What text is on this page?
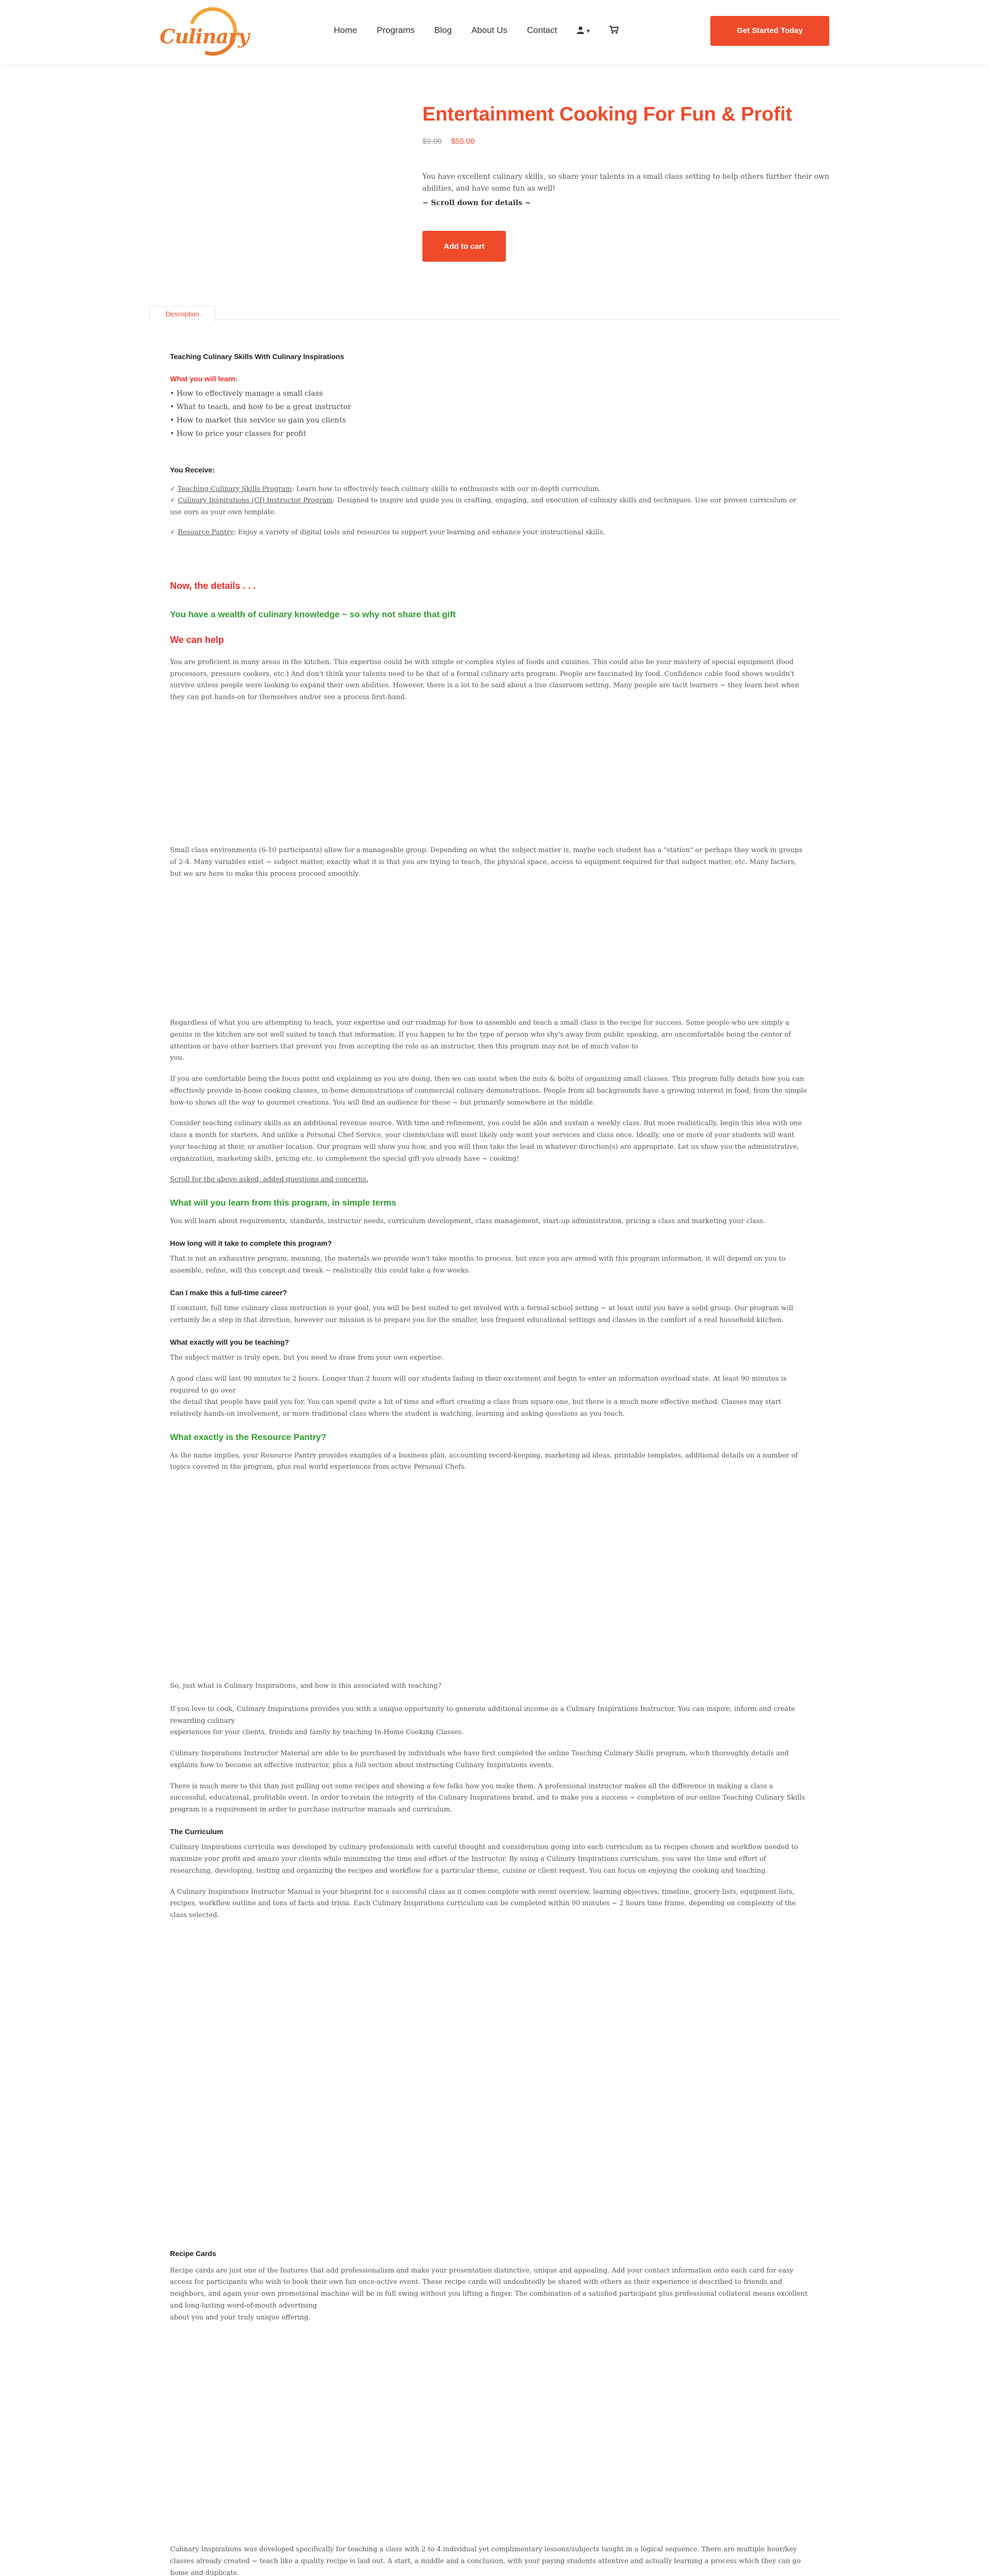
Culinary	Home Programs Blog About Us Contact	▾	Get Started Today
Entertainment Cooking For Fun & Profit
$9.00 $55.00

You have excellent culinary skills, so share your talents in a small class setting to help others further their own abilities, and have some fun as well!

~ Scroll down for details ~
Add to cart
Description

Teaching Culinary Skills With Culinary Inspirations

What you will learn:

• How to effectively manage a small class
• What to teach, and how to be a great instructor
• How to market this service so gain you clients
• How to price your classes for profit

You Receive:

✓ Teaching Culinary Skills Program: Learn how to effectively teach culinary skills to enthusiasts with our in-depth curriculum.

✓ Culinary Inspirations (CI) Instructor Program: Designed to inspire and guide you in crafting, engaging, and execution of culinary skills and techniques. Use our proven curriculum or use ours as your own template.

✓ Resource Pantry: Enjoy a variety of digital tools and resources to support your learning and enhance your instructional skills.

Now, the details . . .

You have a wealth of culinary knowledge ~ so why not share that gift

We can help

You are proficient in many areas in the kitchen. This expertise could be with simple or complex styles of foods and cuisines. This could also be your mastery of special equipment (food processors, pressure cookers, etc.) And don't think your talents need to be that of a formal culinary arts program. People are fascinated by food. Confidence cable food shows wouldn't survive unless people were looking to expand their own abilities. However, there is a lot to be said about a live classroom setting. Many people are tacit learners ~ they learn best when they can put hands-on for themselves and/or see a process first-hand.

Small class environments (6-10 participants) allow for a manageable group. Depending on what the subject matter is, maybe each student has a "station" or perhaps they work in groups of 2-4. Many variables exist ~ subject matter, exactly what it is that you are trying to teach, the physical space, access to equipment required for that subject matter, etc. Many factors, but we are here to make this process proceed smoothly.

Regardless of what you are attempting to teach, your expertise and our roadmap for how to assemble and teach a small class is the recipe for success. Some people who are simply a genius in the kitchen are not well suited to teach that information. If you happen to be the type of person who shy's away from public speaking, are uncomfortable being the center of attention or have other barriers that prevent you from accepting the role as an instructor, then this program may not be of much value to

you.

If you are comfortable being the focus point and explaining as you are doing, then we can assist when the nuts & bolts of organizing small classes. This program fully details how you can effectively provide in-home cooking classes, in-home demonstrations of commercial culinary demonstrations. People from all backgrounds have a growing interest in food, from the simple how-to shows all the way to gourmet creations. You will find an audience for these ~ but primarily somewhere in the middle.

Consider teaching culinary skills as an additional revenue source. With time and refinement, you could be able and sustain a weekly class. But more realistically, begin this idea with one class a month for starters. And unlike a Personal Chef Service, your clients/class will most likely only want your services and class once. Ideally, one or more of your students will want your teaching at their, or another location. Our program will show you how, and you will then take the lead in whatever direction(s) are appropriate. Let us show you the administrative, organization, marketing skills, pricing etc. to complement the special gift you already have ~ cooking!

Scroll for the above asked, added questions and concerns.

What will you learn from this program, in simple terms

You will learn about requirements, standards, instructor needs, curriculum development, class management, start-up administration, pricing a class and marketing your class.

How long will it take to complete this program?

That is not an exhaustive program, meaning, the materials we provide won't take months to process, but once you are armed with this program information, it will depend on you to assemble, refine, will this concept and tweak ~ realistically this could take a few weeks.

Can I make this a full-time career?

If constant, full time culinary class instruction is your goal, you will be best suited to get involved with a formal school setting ~ at least until you have a solid group. Our program will certainly be a step in that direction, however our mission is to prepare you for the smaller, less frequent educational settings and classes in the comfort of a real household kitchen.

What exactly will you be teaching?

The subject matter is truly open, but you need to draw from your own expertise.

A good class will last 90 minutes to 2 hours. Longer than 2 hours will our students fading in their excitement and begin to enter an information overload state. At least 90 minutes is required to go over

the detail that people have paid you for. You can spend quite a bit of time and effort creating a class from square one, but there is a much more effective method. Classes may start relatively hands-on involvement, or more traditional class where the student is watching, learning and asking questions as you teach.

What exactly is the Resource Pantry?

As the name implies, your Resource Pantry provides examples of a business plan, accounting record-keeping, marketing ad ideas, printable templates, additional details on a number of topics covered in the program, plus real world experiences from active Personal Chefs.

So, just what is Culinary Inspirations, and how is this associated with teaching?

If you love to cook, Culinary Inspirations provides you with a unique opportunity to generate additional income as a Culinary Inspirations Instructor. You can inspire, inform and create rewarding culinary

experiences for your clients, friends and family by teaching In-Home Cooking Classes.

Culinary Inspirations Instructor Material are able to be purchased by individuals who have first completed the online Teaching Culinary Skills program, which thoroughly details and explains how to become an effective instructor, plus a full section about instructing Culinary Inspirations events.

There is much more to this than just pulling out some recipes and showing a few folks how you make them. A professional instructor makes all the difference in making a class a successful, educational, profitable event. In order to retain the integrity of the Culinary Inspirations brand, and to make you a success ~ completion of our online Teaching Culinary Skills program is a requirement in order to purchase instructor manuals and curriculum.

The Curriculum

Culinary Inspirations curricula was developed by culinary professionals with careful thought and consideration going into each curriculum as to recipes chosen and workflow needed to maximize your profit and amaze your clients while minimizing the time and effort of the Instructor. By using a Culinary Inspirations curriculum, you save the time and effort of researching, developing, testing and organizing the recipes and workflow for a particular theme, cuisine or client request. You can focus on enjoying the cooking and teaching.

A Culinary Inspirations Instructor Manual is your blueprint for a successful class as it comes complete with event overview, learning objectives, timeline, grocery lists, equipment lists, recipes, workflow outline and tons of facts and trivia. Each Culinary Inspirations curriculum can be completed within 90 minutes ~ 2 hours time frame, depending on complexity of the class selected.

Recipe Cards

Recipe cards are just one of the features that add professionalism and make your presentation distinctive, unique and appealing. Add your contact information onto each card for easy access for participants who wish to book their own fun once-active event. These recipe cards will undoubtedly be shared with others as their experience is described to friends and neighbors, and again your own promotional machine will be in full swing without you lifting a finger. The combination of a satisfied participant plus professional collateral means excellent and long-lasting word-of-mouth advertising

about you and your truly unique offering.

Culinary Inspirations was developed specifically for teaching a class with 2 to 4 individual yet complimentary lessons/subjects taught in a logical sequence. There are multiple hour/key classes already created ~ teach like a quality recipe is laid out. A start, a middle and a conclusion, with your paying students attentive and actually learning a process which they can go home and duplicate.
